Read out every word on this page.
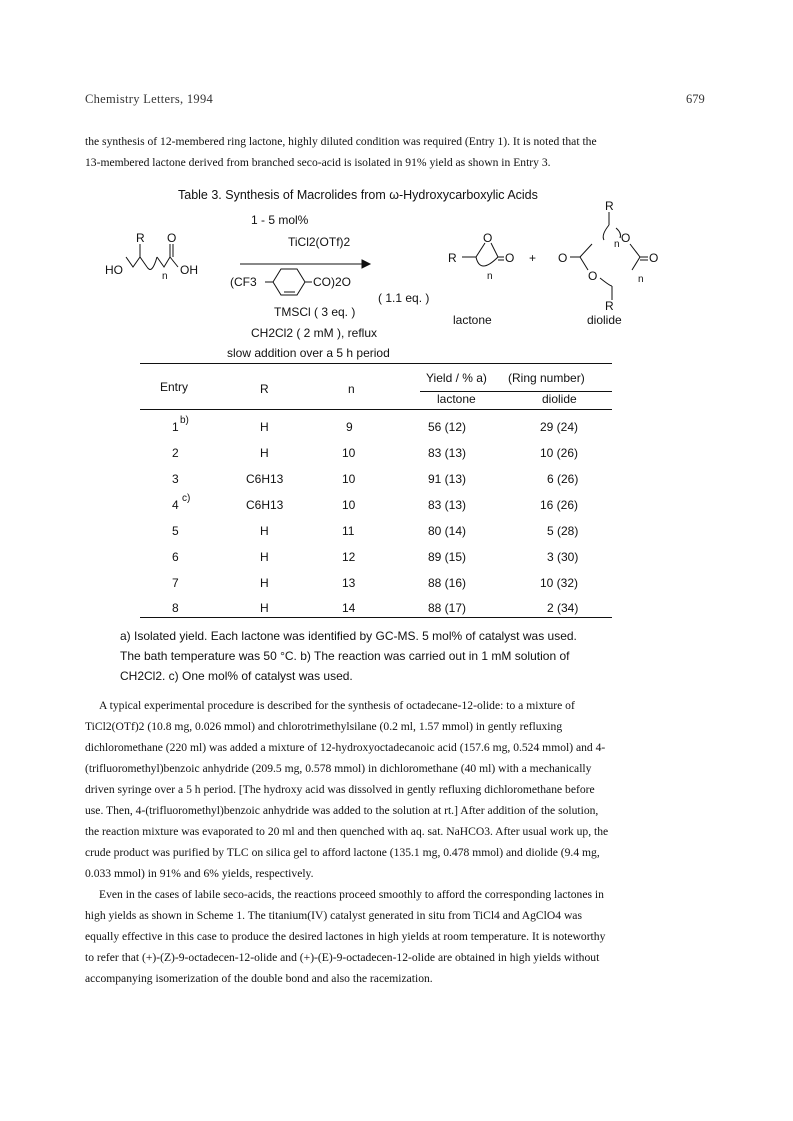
Chemistry Letters, 1994	679

the synthesis of 12-membered ring lactone, highly diluted condition was required (Entry 1). It is noted that the

13-membered lactone derived from branched seco-acid is isolated in 91% yield as shown in Entry 3.

Table 3. Synthesis of Macrolides from ω-Hydroxycarboxylic Acids
R O
HO	OH
n
1 - 5 mol%
TiCl2(OTf)2
(CF3	CO)2O
( 1.1 eq. )
TMSCl ( 3 eq. )
CH2Cl2 ( 2 mM ), reflux
slow addition over a 5 h period
R
O
O
n
+
R
R
O
O
O
O
n
n
lactone	diolide
Entry	R	n
Yield / % a) (Ring number)
lactone	diolide
1 b)	H	9	56 (12)	29 (24)
2	H	10	83 (13)	10 (26)
3	C6H13	10	91 (13)	6 (26)
4 c)	C6H13	10	83 (13)	16 (26)
5	H	11	80 (14)	5 (28)
6	H	12	89 (15)	3 (30)
7	H	13	88 (16)	10 (32)
8	H	14	88 (17)	2 (34)

a) Isolated yield. Each lactone was identified by GC-MS. 5 mol% of catalyst was used.

The bath temperature was 50 °C. b) The reaction was carried out in 1 mM solution of

CH2Cl2. c) One mol% of catalyst was used.

A typical experimental procedure is described for the synthesis of octadecane-12-olide: to a mixture of

TiCl2(OTf)2 (10.8 mg, 0.026 mmol) and chlorotrimethylsilane (0.2 ml, 1.57 mmol) in gently refluxing

dichloromethane (220 ml) was added a mixture of 12-hydroxyoctadecanoic acid (157.6 mg, 0.524 mmol) and 4-

(trifluoromethyl)benzoic anhydride (209.5 mg, 0.578 mmol) in dichloromethane (40 ml) with a mechanically

driven syringe over a 5 h period. [The hydroxy acid was dissolved in gently refluxing dichloromethane before

use. Then, 4-(trifluoromethyl)benzoic anhydride was added to the solution at rt.] After addition of the solution,

the reaction mixture was evaporated to 20 ml and then quenched with aq. sat. NaHCO3. After usual work up, the

crude product was purified by TLC on silica gel to afford lactone (135.1 mg, 0.478 mmol) and diolide (9.4 mg,

0.033 mmol) in 91% and 6% yields, respectively.

Even in the cases of labile seco-acids, the reactions proceed smoothly to afford the corresponding lactones in

high yields as shown in Scheme 1. The titanium(IV) catalyst generated in situ from TiCl4 and AgClO4 was

equally effective in this case to produce the desired lactones in high yields at room temperature. It is noteworthy

to refer that (+)-(Z)-9-octadecen-12-olide and (+)-(E)-9-octadecen-12-olide are obtained in high yields without

accompanying isomerization of the double bond and also the racemization.
